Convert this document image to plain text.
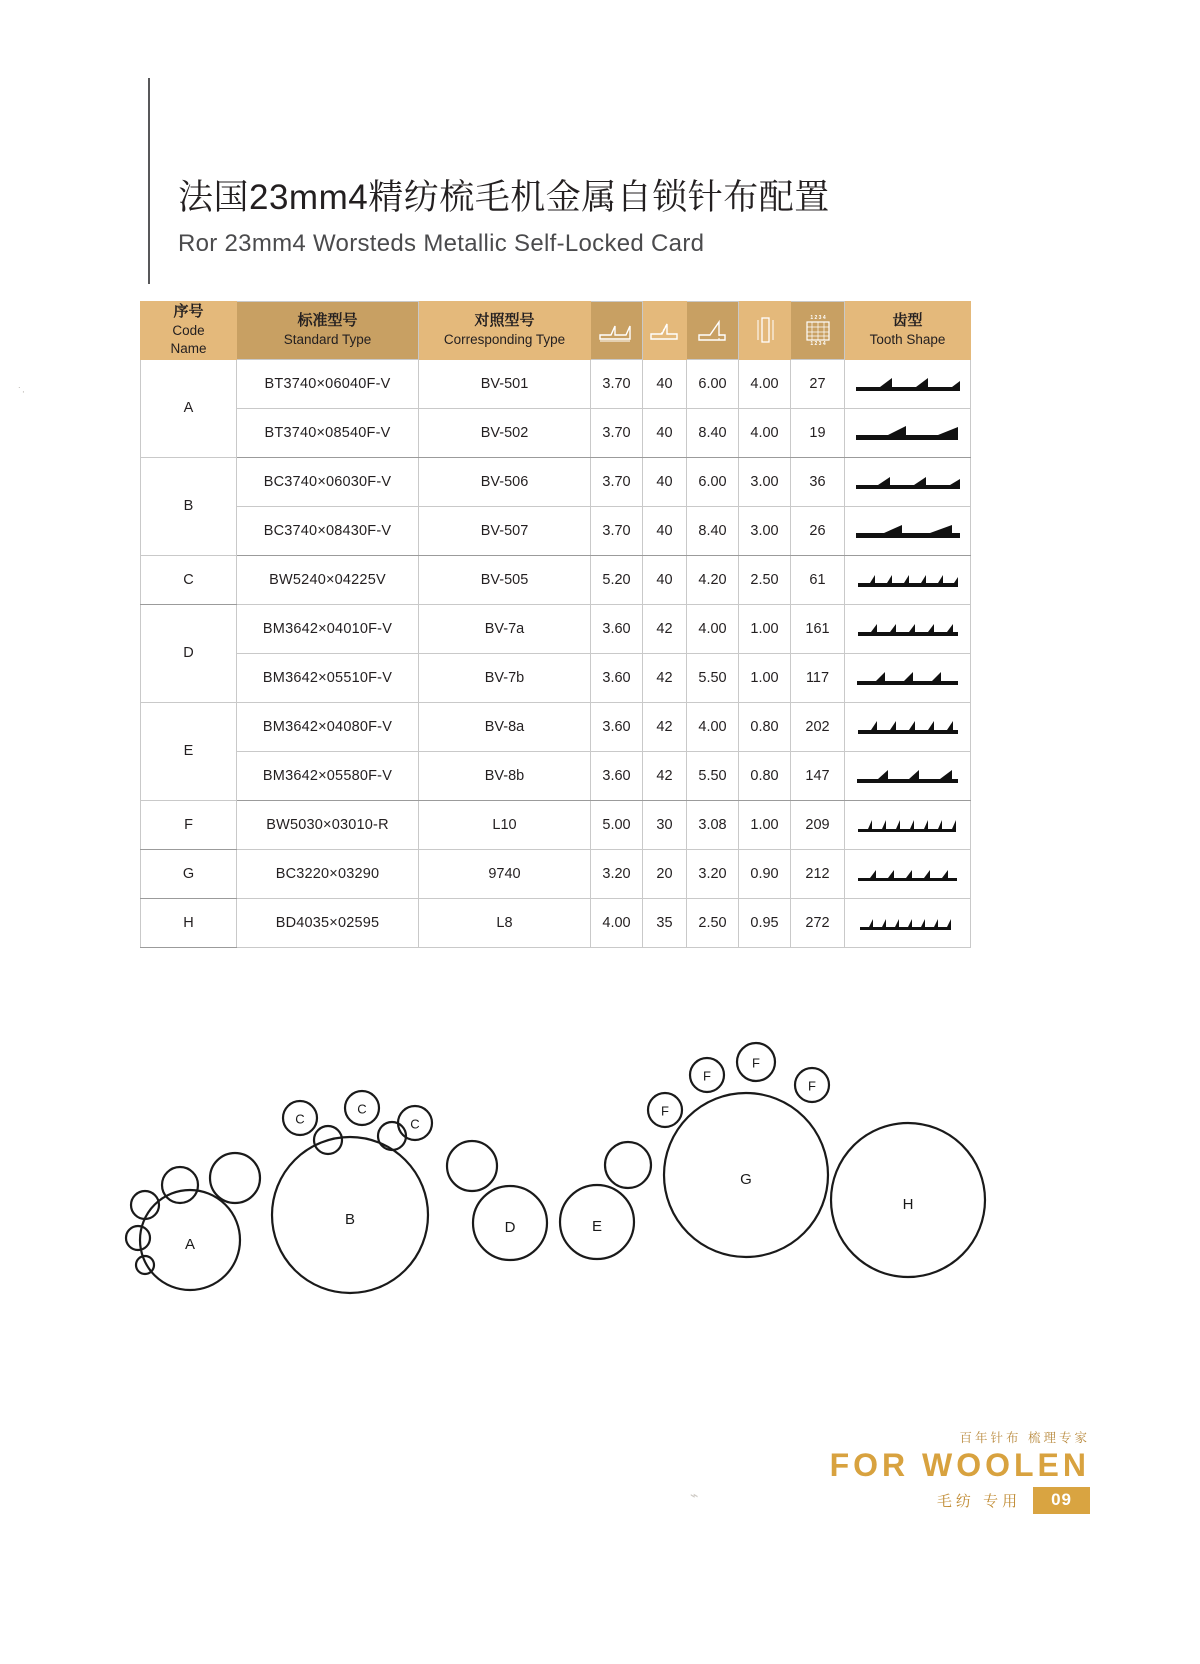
法国23mm4精纺梳毛机金属自锁针布配置
Ror 23mm4 Worsteds Metallic Self-Locked Card
序号
Code
Name	标准型号
Standard Type	对照型号
Corresponding Type					1 2 3 4
1 2 3 4	齿型
Tooth Shape

A	BT3740×06040F-V	BV-501	3.70	40	6.00	4.00	27	

	BT3740×08540F-V	BV-502	3.70	40	8.40	4.00	19	

B	BC3740×06030F-V	BV-506	3.70	40	6.00	3.00	36	

	BC3740×08430F-V	BV-507	3.70	40	8.40	3.00	26	

C	BW5240×04225V	BV-505	5.20	40	4.20	2.50	61	

D	BM3642×04010F-V	BV-7a	3.60	42	4.00	1.00	161	

	BM3642×05510F-V	BV-7b	3.60	42	5.50	1.00	117	

E	BM3642×04080F-V	BV-8a	3.60	42	4.00	0.80	202	

	BM3642×05580F-V	BV-8b	3.60	42	5.50	0.80	147	

F	BW5030×03010-R	L10	5.00	30	3.08	1.00	209	

G	BC3220×03290	9740	3.20	20	3.20	0.90	212	

H	BD4035×02595	L8	4.00	35	2.50	0.95	272	
A
B	D	E
G
H
C
C
C
F
F
F
F
百年针布 梳理专家
FOR WOOLEN
毛纺 专用	09
˙·
⌁
